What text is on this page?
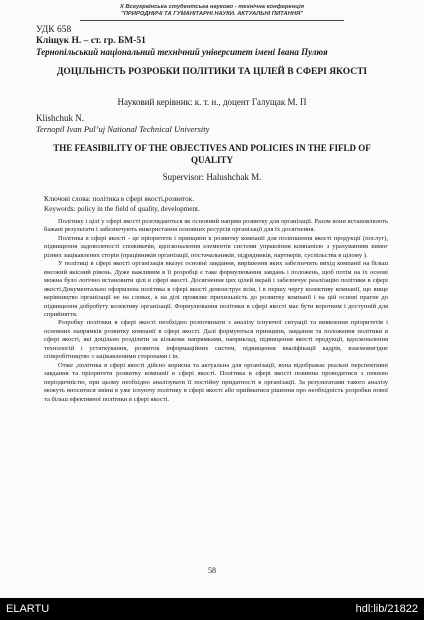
X Всеукраїнська студентська науково - технічна конференція
"ПРИРОДНИЧІ ТА ГУМАНІТАРНІ НАУКИ. АКТУАЛЬНІ ПИТАННЯ"
УДК 658
Кліщук Н. – ст. гр. БМ-51
Тернопільський національний технічний університет імені Івана Пулюя
ДОЦІЛЬНІСТЬ РОЗРОБКИ ПОЛІТИКИ ТА ЦІЛЕЙ В СФЕРІ ЯКОСТІ
Науковий керівник: к. т. н., доцент Галущак М. П
Klishchuk N.
Ternopil Ivan Pul’uj National Technical University
THE FEASIBILITY OF THE OBJECTIVES AND POLICIES IN THE FIFLD OF QUALITY
Supervisor: Halushchak M.
Ключові слова: політика в сфері якості,розвиток.
Keywords: policy in the field of quality, development.

Політику і цілі у сфері якості розглядаються як основний напрям розвитку для організації. Разом вони встановлюють бажані результати і забезпечують використання основних ресурсів організації для їх досягнення.

Політика в сфері якості - це пріоритети і принципи в розвитку компанії для поліпшення якості продукції (послуг), підвищення задоволеності споживачів, вдосконалення елементів системи управління компанією з урахуванням вимог різних зацікавлених сторін (працівників організації, постачальників, підрядників, партнерів, суспільства в цілому ).

У політиці в сфері якості організація вказує основні завдання, вирішення яких забезпечить вихід компанії на більш високий якісний рівень. Дуже важливим в її розробці є таке формулювання завдань і положень, щоб потім на їх основі можна було логічно встановити цілі в сфері якості. Досягнення цих цілей вкрай і забезпечує реалізацію політики в сфері якості.Документально оформлена політика в сфері якості демонструє всім, і в першу чергу колективу компанії, що вище керівництво організації не на словах, а на ділі проявляє прихильність до розвитку компанії і на цій основі прагне до підвищення добробуту колективу організації. Формулювання політики в сфері якості має бути коротким і доступній для сприйняття.

Розробку політики в сфері якості необхідно розпочинати з аналізу існуючої ситуації та виявлення пріоритетів і основних напрямків розвитку компанії в сфері якості. Далі формуються принципи, завдання та положення політики в сфері якості, які доцільно розділити за кількома напрямками, наприклад, підвищення якості продукції, вдосконалення технологій і устаткування, розвиток інформаційних систем, підвищення кваліфікації кадрів, взаємовигідне співробітництво з зацікавленими сторонами і ін.

Отже ,політика в сфері якості дійсно корисна та актуальна для організації, вона відображає реальні перспективні завдання та пріоритети розвитку компанії в сфері якості. Політика в сфері якості повинна проводитися з певною періодичністю, при цьому необхідно аналізувати її постійну придатності в організації. За результатами такого аналізу можуть вноситися зміни в уже існуючу політику в сфері якості або прийматися рішення про необхідність розробки нової та більш ефективної політики в сфері якості.

58
ELARTU	hdl:lib/21822
